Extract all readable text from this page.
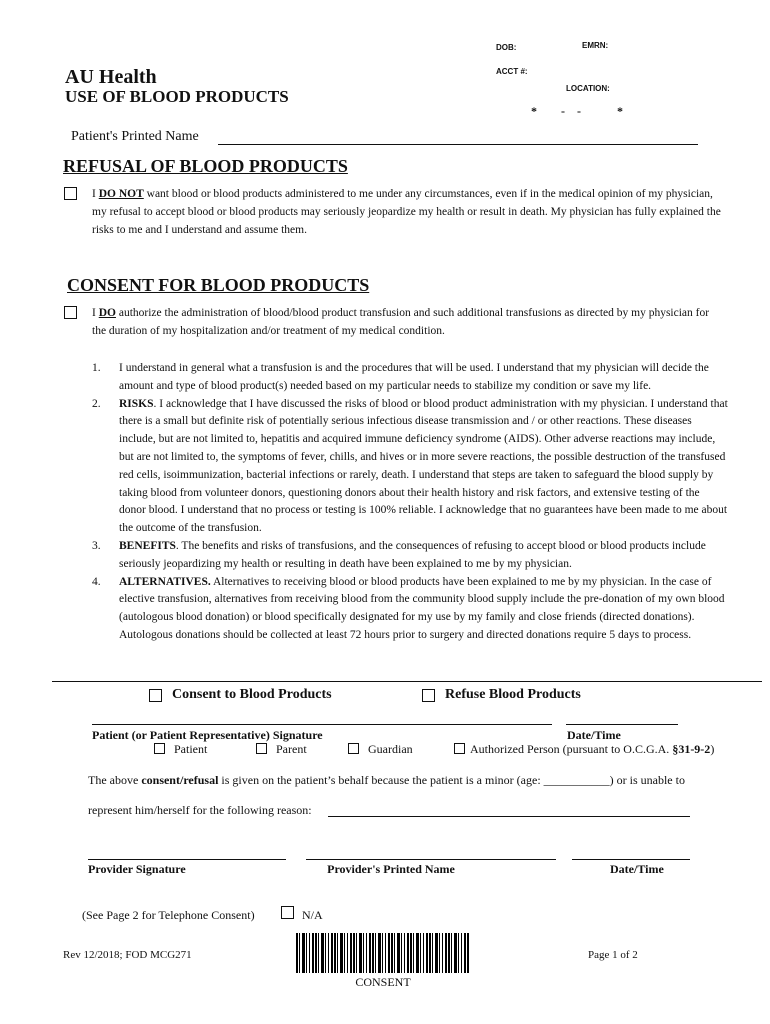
DOB:	EMRN:
ACCT #:
LOCATION:
*        -    -            *
AU Health
USE OF BLOOD PRODUCTS
Patient's Printed Name
REFUSAL OF BLOOD PRODUCTS
I DO NOT want blood or blood products administered to me under any circumstances, even if in the medical opinion of my physician, my refusal to accept blood or blood products may seriously jeopardize my health or result in death. My physician has fully explained the risks to me and I understand and assume them.
CONSENT FOR BLOOD PRODUCTS
I DO authorize the administration of blood/blood product transfusion and such additional transfusions as directed by my physician for the duration of my hospitalization and/or treatment of my medical condition.
1. I understand in general what a transfusion is and the procedures that will be used. I understand that my physician will decide the amount and type of blood product(s) needed based on my particular needs to stabilize my condition or save my life.
2. RISKS. I acknowledge that I have discussed the risks of blood or blood product administration with my physician. I understand that there is a small but definite risk of potentially serious infectious disease transmission and / or other reactions. These diseases include, but are not limited to, hepatitis and acquired immune deficiency syndrome (AIDS). Other adverse reactions may include, but are not limited to, the symptoms of fever, chills, and hives or in more severe reactions, the possible destruction of the transfused red cells, isoimmunization, bacterial infections or rarely, death. I understand that steps are taken to safeguard the blood supply by taking blood from volunteer donors, questioning donors about their health history and risk factors, and extensive testing of the donor blood. I understand that no process or testing is 100% reliable. I acknowledge that no guarantees have been made to me about the outcome of the transfusion.
3. BENEFITS. The benefits and risks of transfusions, and the consequences of refusing to accept blood or blood products include seriously jeopardizing my health or resulting in death have been explained to me by my physician.
4. ALTERNATIVES. Alternatives to receiving blood or blood products have been explained to me by my physician. In the case of elective transfusion, alternatives from receiving blood from the community blood supply include the pre-donation of my own blood (autologous blood donation) or blood specifically designated for my use by my family and close friends (directed donations). Autologous donations should be collected at least 72 hours prior to surgery and directed donations require 5 days to process.
Consent to Blood Products	Refuse Blood Products
Patient (or Patient Representative) Signature	Date/Time
Patient	Parent	Guardian	Authorized Person (pursuant to O.C.G.A. §31-9-2)
The above consent/refusal is given on the patient’s behalf because the patient is a minor (age: ___________) or is unable to
represent him/herself for the following reason:
Provider Signature	Provider's Printed Name	Date/Time
(See Page 2 for Telephone Consent)	N/A
Rev 12/2018; FOD MCG271
CONSENT
Page 1 of 2
